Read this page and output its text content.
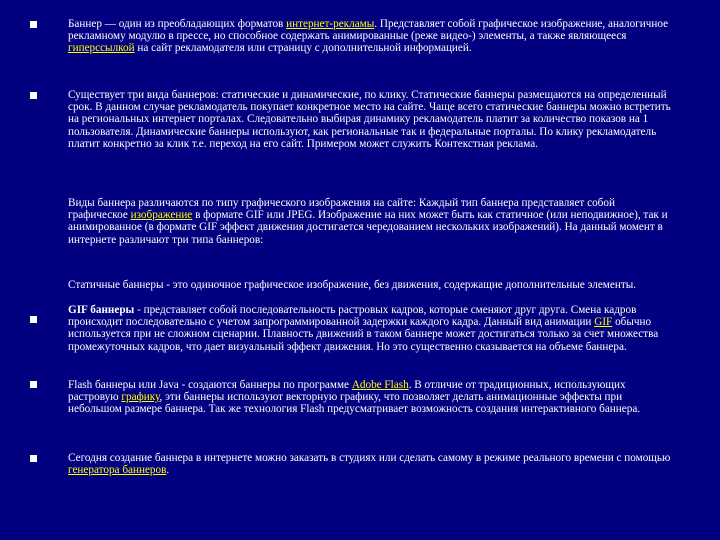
Баннер — один из преобладающих форматов интернет-рекламы. Представляет собой графическое изображение, аналогичное рекламному модулю в прессе, но способное содержать анимированные (реже видео-) элементы, а также являющееся гиперссылкой на сайт рекламодателя или страницу с дополнительной информацией.

Существует три вида баннеров: статические и динамические, по клику. Статические баннеры размещаются на определенный срок. В данном случае рекламодатель покупает конкретное место на сайте. Чаще всего статические баннеры можно встретить на региональных интернет порталах. Следовательно выбирая динамику рекламодатель платит за количество показов на 1 пользователя. Динамические баннеры используют, как региональные так и федеральные порталы. По клику рекламодатель платит конкретно за клик т.е. переход на его сайт. Примером может служить Контекстная реклама.

Виды баннера различаются по типу графического изображения на сайте: Каждый тип баннера представляет собой графическое изображение в формате GIF или JPEG. Изображение на них может быть как статичное (или неподвижное), так и анимированное (в формате GIF эффект движения достигается чередованием нескольких изображений). На данный момент в интернете различают три типа баннеров:

Статичные баннеры - это одиночное графическое изображение, без движения, содержащие дополнительные элементы.

GIF баннеры - представляет собой последовательность растровых кадров, которые сменяют друг друга. Смена кадров происходит последовательно с учетом запрограммированной задержки каждого кадра. Данный вид анимации GIF обычно используется при не сложном сценарии. Плавность движений в таком баннере может достигаться только за счет множества промежуточных кадров, что дает визуальный эффект движения. Но это существенно сказывается на объеме баннера.

Flash баннеры или Java - создаются баннеры по программе Adobe Flash. В отличие от традиционных, использующих растровую графику, эти баннеры используют векторную графику, что позволяет делать анимационные эффекты при небольшом размере баннера. Так же технология Flash предусматривает возможность создания интерактивного баннера.

Сегодня создание баннера в интернете можно заказать в студиях или сделать самому в режиме реального времени с помощью генератора баннеров.
